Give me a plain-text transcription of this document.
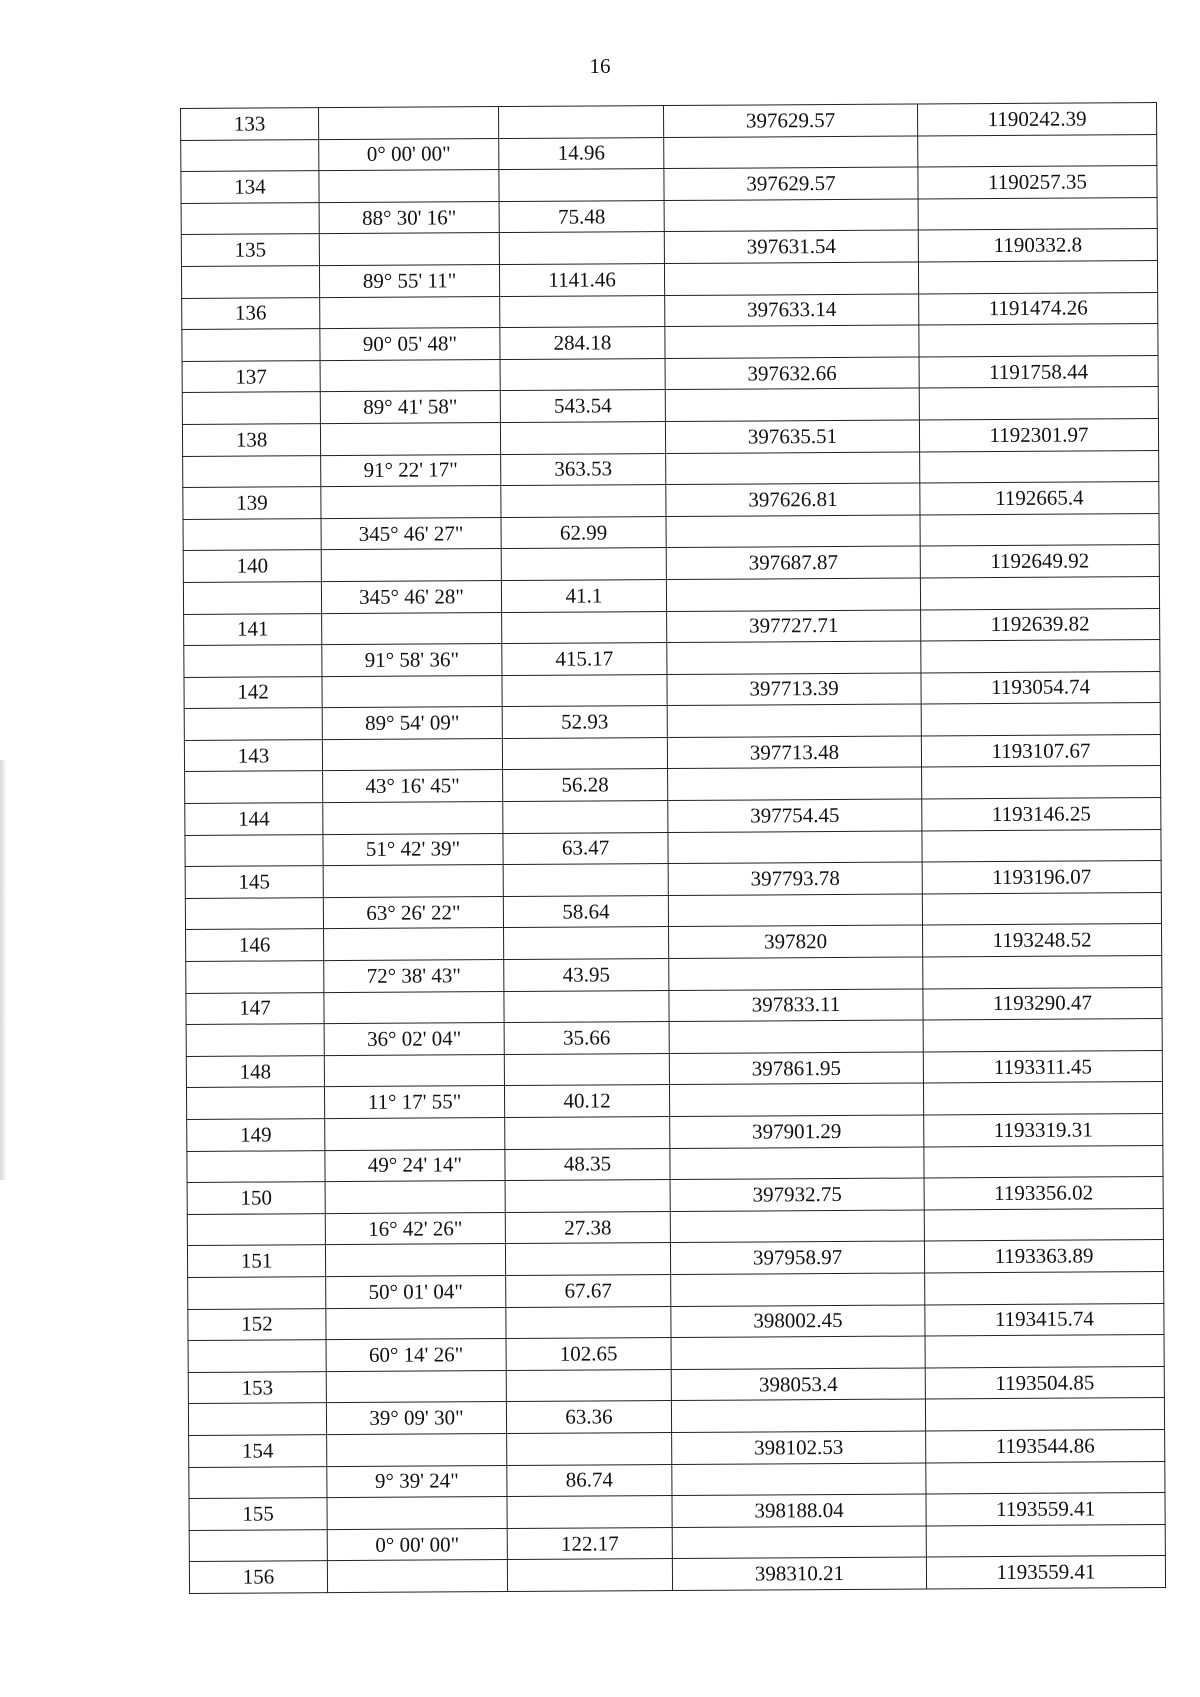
16
133			397629.57	1190242.39
	0° 00' 00"	14.96		
134			397629.57	1190257.35
	88° 30' 16"	75.48		
135			397631.54	1190332.8
	89° 55' 11"	1141.46		
136			397633.14	1191474.26
	90° 05' 48"	284.18		
137			397632.66	1191758.44
	89° 41' 58"	543.54		
138			397635.51	1192301.97
	91° 22' 17"	363.53		
139			397626.81	1192665.4
	345° 46' 27"	62.99		
140			397687.87	1192649.92
	345° 46' 28"	41.1		
141			397727.71	1192639.82
	91° 58' 36"	415.17		
142			397713.39	1193054.74
	89° 54' 09"	52.93		
143			397713.48	1193107.67
	43° 16' 45"	56.28		
144			397754.45	1193146.25
	51° 42' 39"	63.47		
145			397793.78	1193196.07
	63° 26' 22"	58.64		
146			397820	1193248.52
	72° 38' 43"	43.95		
147			397833.11	1193290.47
	36° 02' 04"	35.66		
148			397861.95	1193311.45
	11° 17' 55"	40.12		
149			397901.29	1193319.31
	49° 24' 14"	48.35		
150			397932.75	1193356.02
	16° 42' 26"	27.38		
151			397958.97	1193363.89
	50° 01' 04"	67.67		
152			398002.45	1193415.74
	60° 14' 26"	102.65		
153			398053.4	1193504.85
	39° 09' 30"	63.36		
154			398102.53	1193544.86
	9° 39' 24"	86.74		
155			398188.04	1193559.41
	0° 00' 00"	122.17		
156			398310.21	1193559.41
